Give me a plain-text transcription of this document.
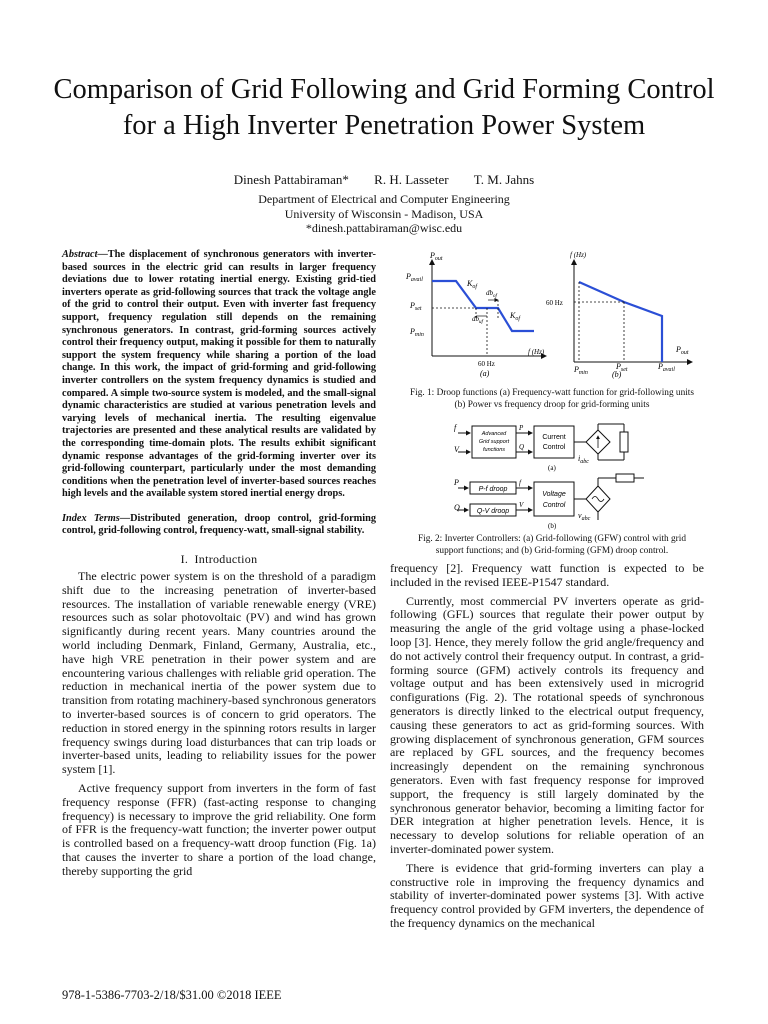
Comparison of Grid Following and Grid Forming Control for a High Inverter Penetration Power System
Dinesh Pattabiraman* R. H. Lasseter T. M. Jahns
Department of Electrical and Computer Engineering
University of Wisconsin - Madison, USA
*dinesh.pattabiraman@wisc.edu
Abstract—The displacement of synchronous generators with inverter-based sources in the electric grid can results in larger frequency deviations due to lower rotating inertial energy. Existing grid-tied inverters operate as grid-following sources that track the voltage angle of the grid to control their output. Even with inverter fast frequency support, frequency regulation still depends on the remaining synchronous generators. In contrast, grid-forming sources actively control their frequency output, making it possible for them to naturally support the system frequency while sharing a portion of the load change. In this work, the impact of grid-forming and grid-following inverter controllers on the system frequency dynamics is studied and compared. A simple two-source system is modeled, and the small-signal dynamic characteristics are studied at various penetration levels and varying levels of mechanical inertia. The resulting eigenvalue trajectories are presented and these analytical results are validated by the corresponding time-domain plots. The results exhibit significant dynamic response advantages of the grid-forming inverter over its grid-following counterpart, particularly under the most demanding conditions when the penetration level of inverter-based sources reaches high levels and the available system stored inertial energy drops.
Index Terms—Distributed generation, droop control, grid-forming control, grid-following control, frequency-watt, small-signal stability.
I. Introduction

The electric power system is on the threshold of a paradigm shift due to the increasing penetration of inverter-based resources. The installation of variable renewable energy (VRE) resources such as solar photovoltaic (PV) and wind has grown significantly during recent years. Many countries around the world including Denmark, Finland, Germany, Australia, etc., have high VRE penetration in their power system and are encountering various challenges with reliable grid operation. The reduction in mechanical inertia of the power system due to transition from rotating machinery-based synchronous generators to inverter-based sources is of concern to grid operators. The reduction in stored energy in the spinning rotors results in larger frequency swings during load disturbances that can trip loads or inverter-based units, leading to reliability issues for the power system [1].

Active frequency support from inverters in the form of fast frequency response (FFR) (fast-acting response to changing frequency) is necessary to improve the grid reliability. One form of FFR is the frequency-watt function; the inverter power output is controlled based on a frequency-watt droop function (Fig. 1a) that causes the inverter to share a portion of the load change, thereby supporting the grid

frequency [2]. Frequency watt function is expected to be included in the revised IEEE-P1547 standard.

Currently, most commercial PV inverters operate as grid-following (GFL) sources that regulate their power output by measuring the angle of the grid voltage using a phase-locked loop [3]. Hence, they merely follow the grid angle/frequency and do not actively control their frequency output. In contrast, a grid-forming source (GFM) actively controls its frequency and voltage output and has been extensively used in microgrid configurations (Fig. 2). The rotational speeds of synchronous generators is directly linked to the electrical output frequency, causing these generators to act as grid-forming sources. With growing displacement of synchronous generation, GFM sources are replaced by GFL sources, and the frequency becomes increasingly dependent on the remaining synchronous generators. Even with fast frequency response for improved support, the frequency is still largely dominated by the synchronous generator behavior, becoming a limiting factor for DER integration at higher penetration levels. Hence, it is necessary to develop solutions for reliable operation of an inverter-dominated power system.

There is evidence that grid-forming inverters can play a constructive role in improving the frequency dynamics and stability of inverter-dominated power systems [3]. With active frequency control provided by GFM inverters, the dependence of the frequency dynamics on the mechanical

$P_{out}$
$P_{avail}$
$P_{set}$
$P_{min}$
$K_{of}$
$K_{of}$
$db_{of}$
$db_{uf}$
60 Hz
f (Hz)
(a)
f (Hz)
60 Hz
$P_{min}$
$P_{set}$	$P_{avail}$
$P_{out}$
(b)
Fig. 1: Droop functions (a) Frequency-watt function for grid-following units
(b) Power vs frequency droop for grid-forming units
f
V
Advanced
Grid support
functions
P
Q
Current
Control
$i_{abc}$
(a)
P
Q
P-f droop
Q-V droop
f
V
Voltage
Control
$v_{abc}$
(b)
Fig. 2: Inverter Controllers: (a) Grid-following (GFW) control with grid
support functions; and (b) Grid-forming (GFM) droop control.
978-1-5386-7703-2/18/$31.00 ©2018 IEEE
